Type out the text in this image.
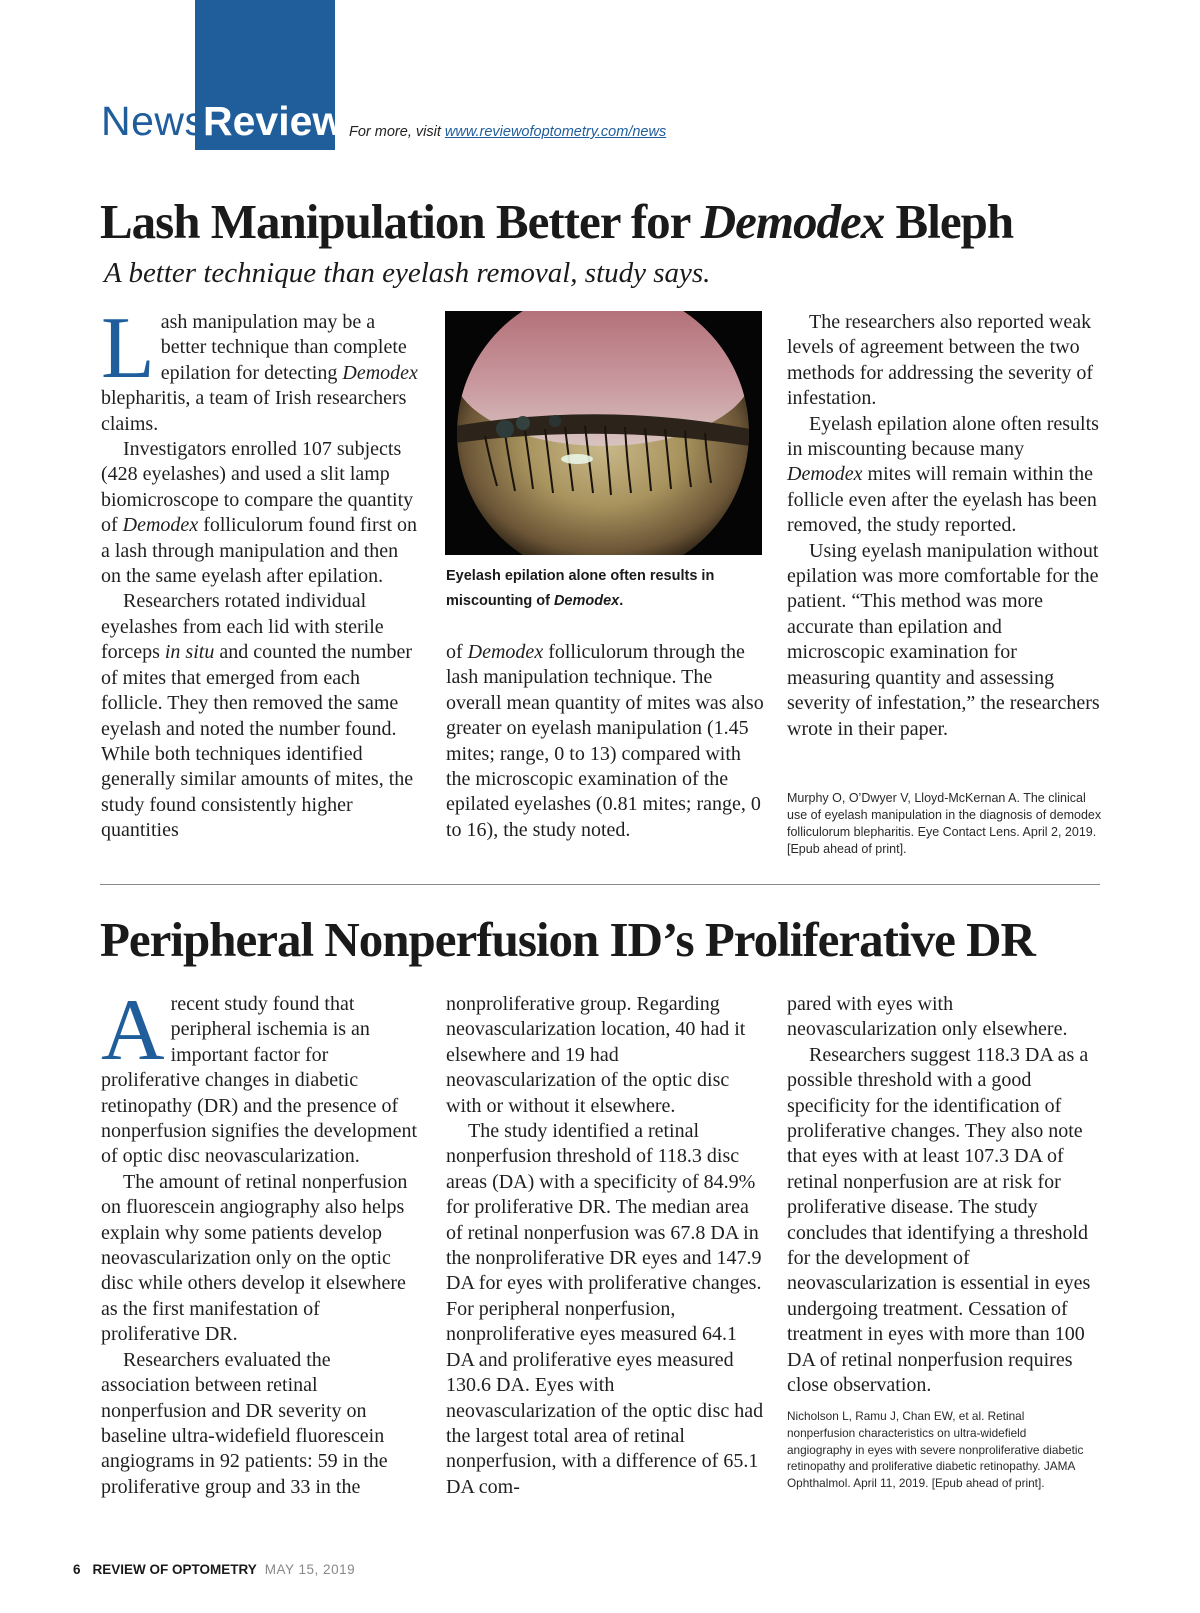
News
Review For more, visit www.reviewofoptometry.com/news
Lash Manipulation Better for Demodex Bleph
A better technique than eyelash removal, study says.
L ash manipulation may be a better technique than complete epilation for detecting Demodex blepharitis, a team of Irish researchers claims.

Investigators enrolled 107 subjects (428 eyelashes) and used a slit lamp biomicroscope to compare the quantity of Demodex folliculorum found first on a lash through manipulation and then on the same eyelash after epilation.

Researchers rotated individual eyelashes from each lid with sterile forceps in situ and counted the number of mites that emerged from each follicle. They then removed the same eyelash and noted the number found. While both techniques identified generally similar amounts of mites, the study found consistently higher quantities

Eyelash epilation alone often results in miscounting of Demodex.

of Demodex folliculorum through the lash manipulation technique. The overall mean quantity of mites was also greater on eyelash manipulation (1.45 mites; range, 0 to 13) compared with the microscopic examination of the epilated eyelashes (0.81 mites; range, 0 to 16), the study noted.

The researchers also reported weak levels of agreement between the two methods for addressing the severity of infestation.

Eyelash epilation alone often results in miscounting because many Demodex mites will remain within the follicle even after the eyelash has been removed, the study reported.

Using eyelash manipulation without epilation was more comfortable for the patient. “This method was more accurate than epilation and microscopic examination for measuring quantity and assessing severity of infestation,” the researchers wrote in their paper.

Murphy O, O’Dwyer V, Lloyd-McKernan A. The clinical use of eyelash manipulation in the diagnosis of demodex folliculorum blepharitis. Eye Contact Lens. April 2, 2019. [Epub ahead of print].
Peripheral Nonperfusion ID’s Proliferative DR
A recent study found that peripheral ischemia is an important factor for proliferative changes in diabetic retinopathy (DR) and the presence of nonperfusion signifies the development of optic disc neovascularization.

The amount of retinal nonperfusion on fluorescein angiography also helps explain why some patients develop neovascularization only on the optic disc while others develop it elsewhere as the first manifestation of proliferative DR.

Researchers evaluated the association between retinal nonperfusion and DR severity on baseline ultra-widefield fluorescein angiograms in 92 patients: 59 in the proliferative group and 33 in the

nonproliferative group. Regarding neovascularization location, 40 had it elsewhere and 19 had neovascularization of the optic disc with or without it elsewhere.

The study identified a retinal nonperfusion threshold of 118.3 disc areas (DA) with a specificity of 84.9% for proliferative DR. The median area of retinal nonperfusion was 67.8 DA in the nonproliferative DR eyes and 147.9 DA for eyes with proliferative changes. For peripheral nonperfusion, nonproliferative eyes measured 64.1 DA and proliferative eyes measured 130.6 DA. Eyes with neovascularization of the optic disc had the largest total area of retinal nonperfusion, with a difference of 65.1 DA com-

pared with eyes with neovascularization only elsewhere.

Researchers suggest 118.3 DA as a possible threshold with a good specificity for the identification of proliferative changes. They also note that eyes with at least 107.3 DA of retinal nonperfusion are at risk for proliferative disease. The study concludes that identifying a threshold for the development of neovascularization is essential in eyes undergoing treatment. Cessation of treatment in eyes with more than 100 DA of retinal nonperfusion requires close observation.

Nicholson L, Ramu J, Chan EW, et al. Retinal nonperfusion characteristics on ultra-widefield angiography in eyes with severe nonproliferative diabetic retinopathy and proliferative diabetic retinopathy. JAMA Ophthalmol. April 11, 2019. [Epub ahead of print].
6 REVIEW OF OPTOMETRY MAY 15, 2019
